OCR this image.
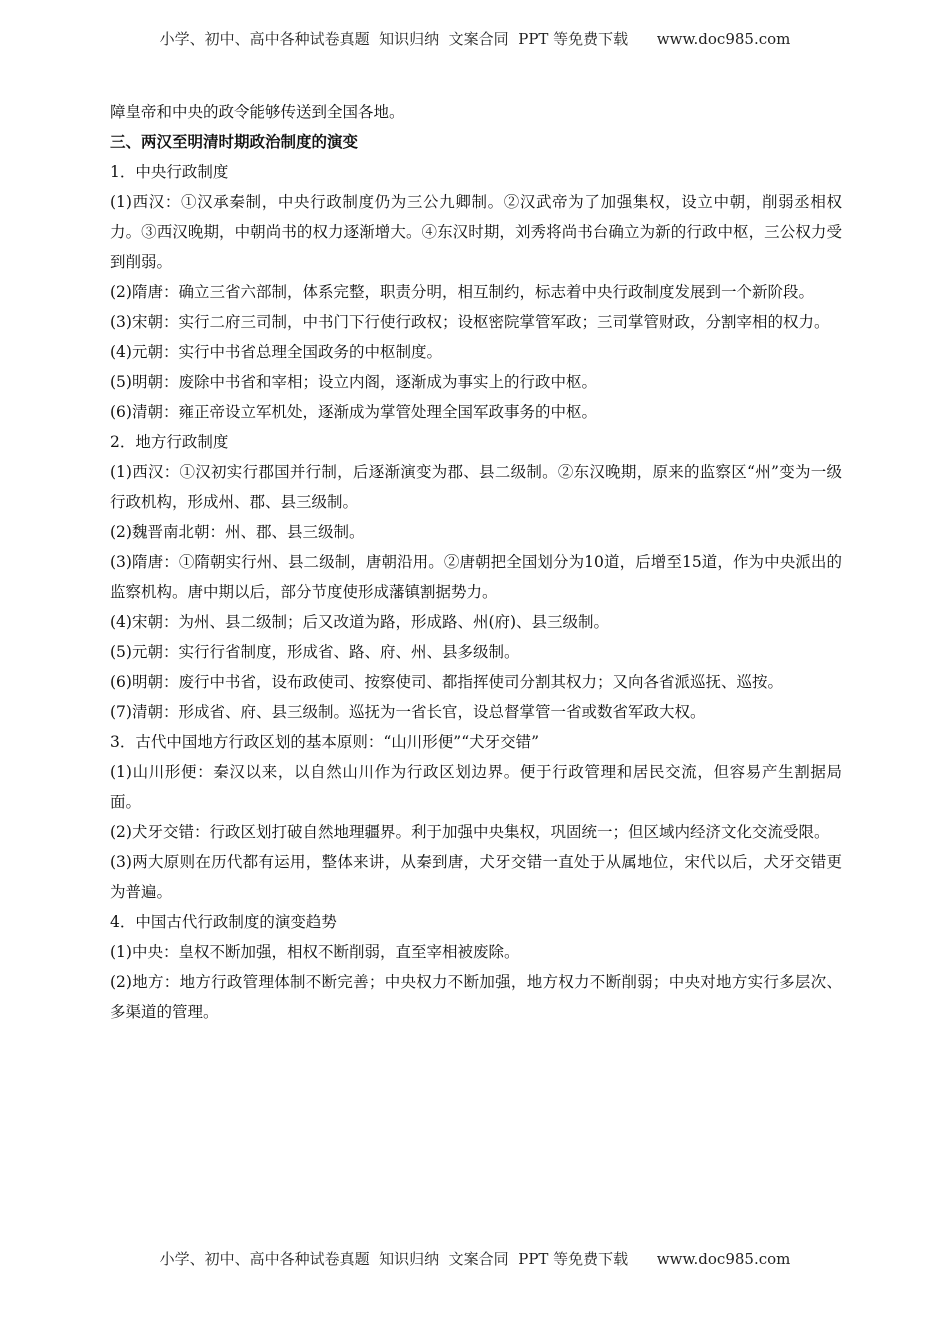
小学、初中、高中各种试卷真题  知识归纳  文案合同  PPT 等免费下载      www.doc985.com

障皇帝和中央的政令能够传送到全国各地。

三、两汉至明清时期政治制度的演变

1．中央行政制度

(1)西汉：①汉承秦制，中央行政制度仍为三公九卿制。②汉武帝为了加强集权，设立中朝，削弱丞相权力。③西汉晚期，中朝尚书的权力逐渐增大。④东汉时期，刘秀将尚书台确立为新的行政中枢，三公权力受到削弱。

(2)隋唐：确立三省六部制，体系完整，职责分明，相互制约，标志着中央行政制度发展到一个新阶段。

(3)宋朝：实行二府三司制，中书门下行使行政权；设枢密院掌管军政；三司掌管财政，分割宰相的权力。

(4)元朝：实行中书省总理全国政务的中枢制度。

(5)明朝：废除中书省和宰相；设立内阁，逐渐成为事实上的行政中枢。

(6)清朝：雍正帝设立军机处，逐渐成为掌管处理全国军政事务的中枢。

2．地方行政制度

(1)西汉：①汉初实行郡国并行制，后逐渐演变为郡、县二级制。②东汉晚期，原来的监察区“州”变为一级行政机构，形成州、郡、县三级制。

(2)魏晋南北朝：州、郡、县三级制。

(3)隋唐：①隋朝实行州、县二级制，唐朝沿用。②唐朝把全国划分为10道，后增至15道，作为中央派出的监察机构。唐中期以后，部分节度使形成藩镇割据势力。

(4)宋朝：为州、县二级制；后又改道为路，形成路、州(府)、县三级制。

(5)元朝：实行行省制度，形成省、路、府、州、县多级制。

(6)明朝：废行中书省，设布政使司、按察使司、都指挥使司分割其权力；又向各省派巡抚、巡按。

(7)清朝：形成省、府、县三级制。巡抚为一省长官，设总督掌管一省或数省军政大权。

3．古代中国地方行政区划的基本原则：“山川形便”“犬牙交错”

(1)山川形便：秦汉以来，以自然山川作为行政区划边界。便于行政管理和居民交流，但容易产生割据局面。

(2)犬牙交错：行政区划打破自然地理疆界。利于加强中央集权，巩固统一；但区域内经济文化交流受限。

(3)两大原则在历代都有运用，整体来讲，从秦到唐，犬牙交错一直处于从属地位，宋代以后，犬牙交错更为普遍。

4．中国古代行政制度的演变趋势

(1)中央：皇权不断加强，相权不断削弱，直至宰相被废除。

(2)地方：地方行政管理体制不断完善；中央权力不断加强，地方权力不断削弱；中央对地方实行多层次、多渠道的管理。

小学、初中、高中各种试卷真题  知识归纳  文案合同  PPT 等免费下载      www.doc985.com
